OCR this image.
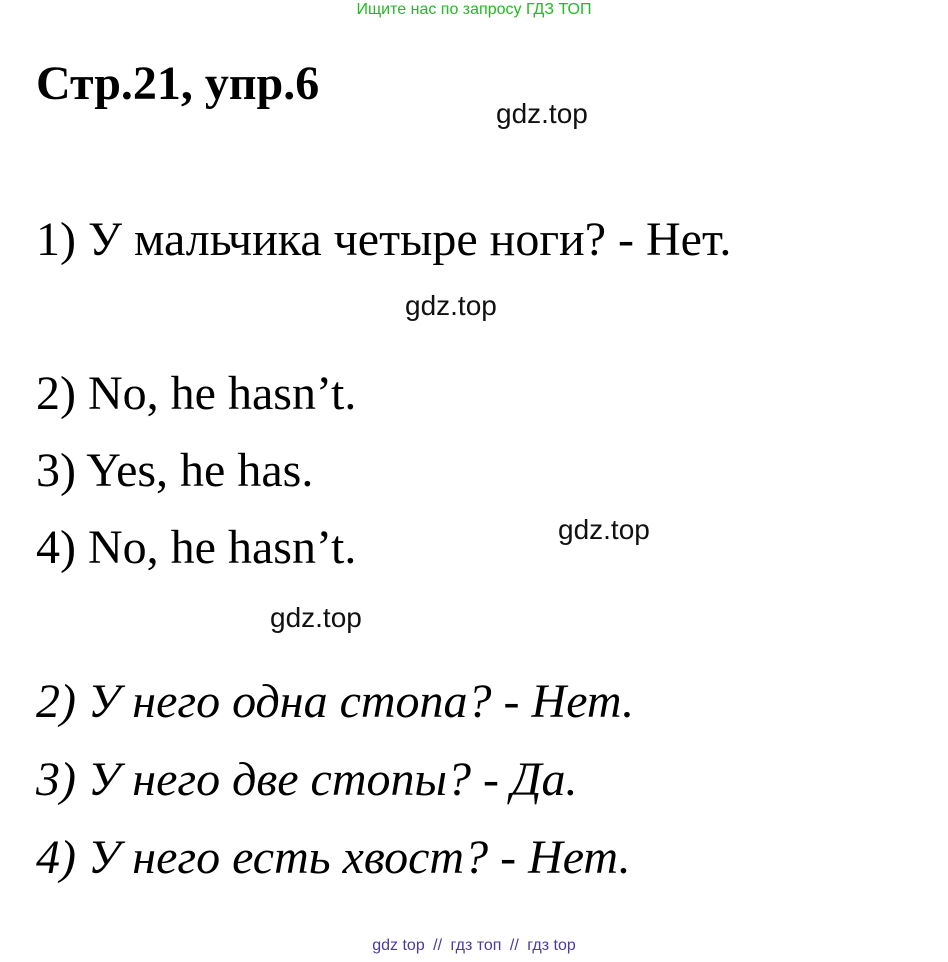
Ищите нас по запросу ГДЗ ТОП
Стр.21, упр.6
gdz.top
1) У мальчика четыре ноги? - Нет.
gdz.top
2) No, he hasn’t.
3) Yes, he has.
4) No, he hasn’t.	gdz.top
gdz.top
2) У него одна стопа? - Нет.
3) У него две стопы? - Да.
4) У него есть хвост? - Нет.
gdz top // гдз топ // гдз top
